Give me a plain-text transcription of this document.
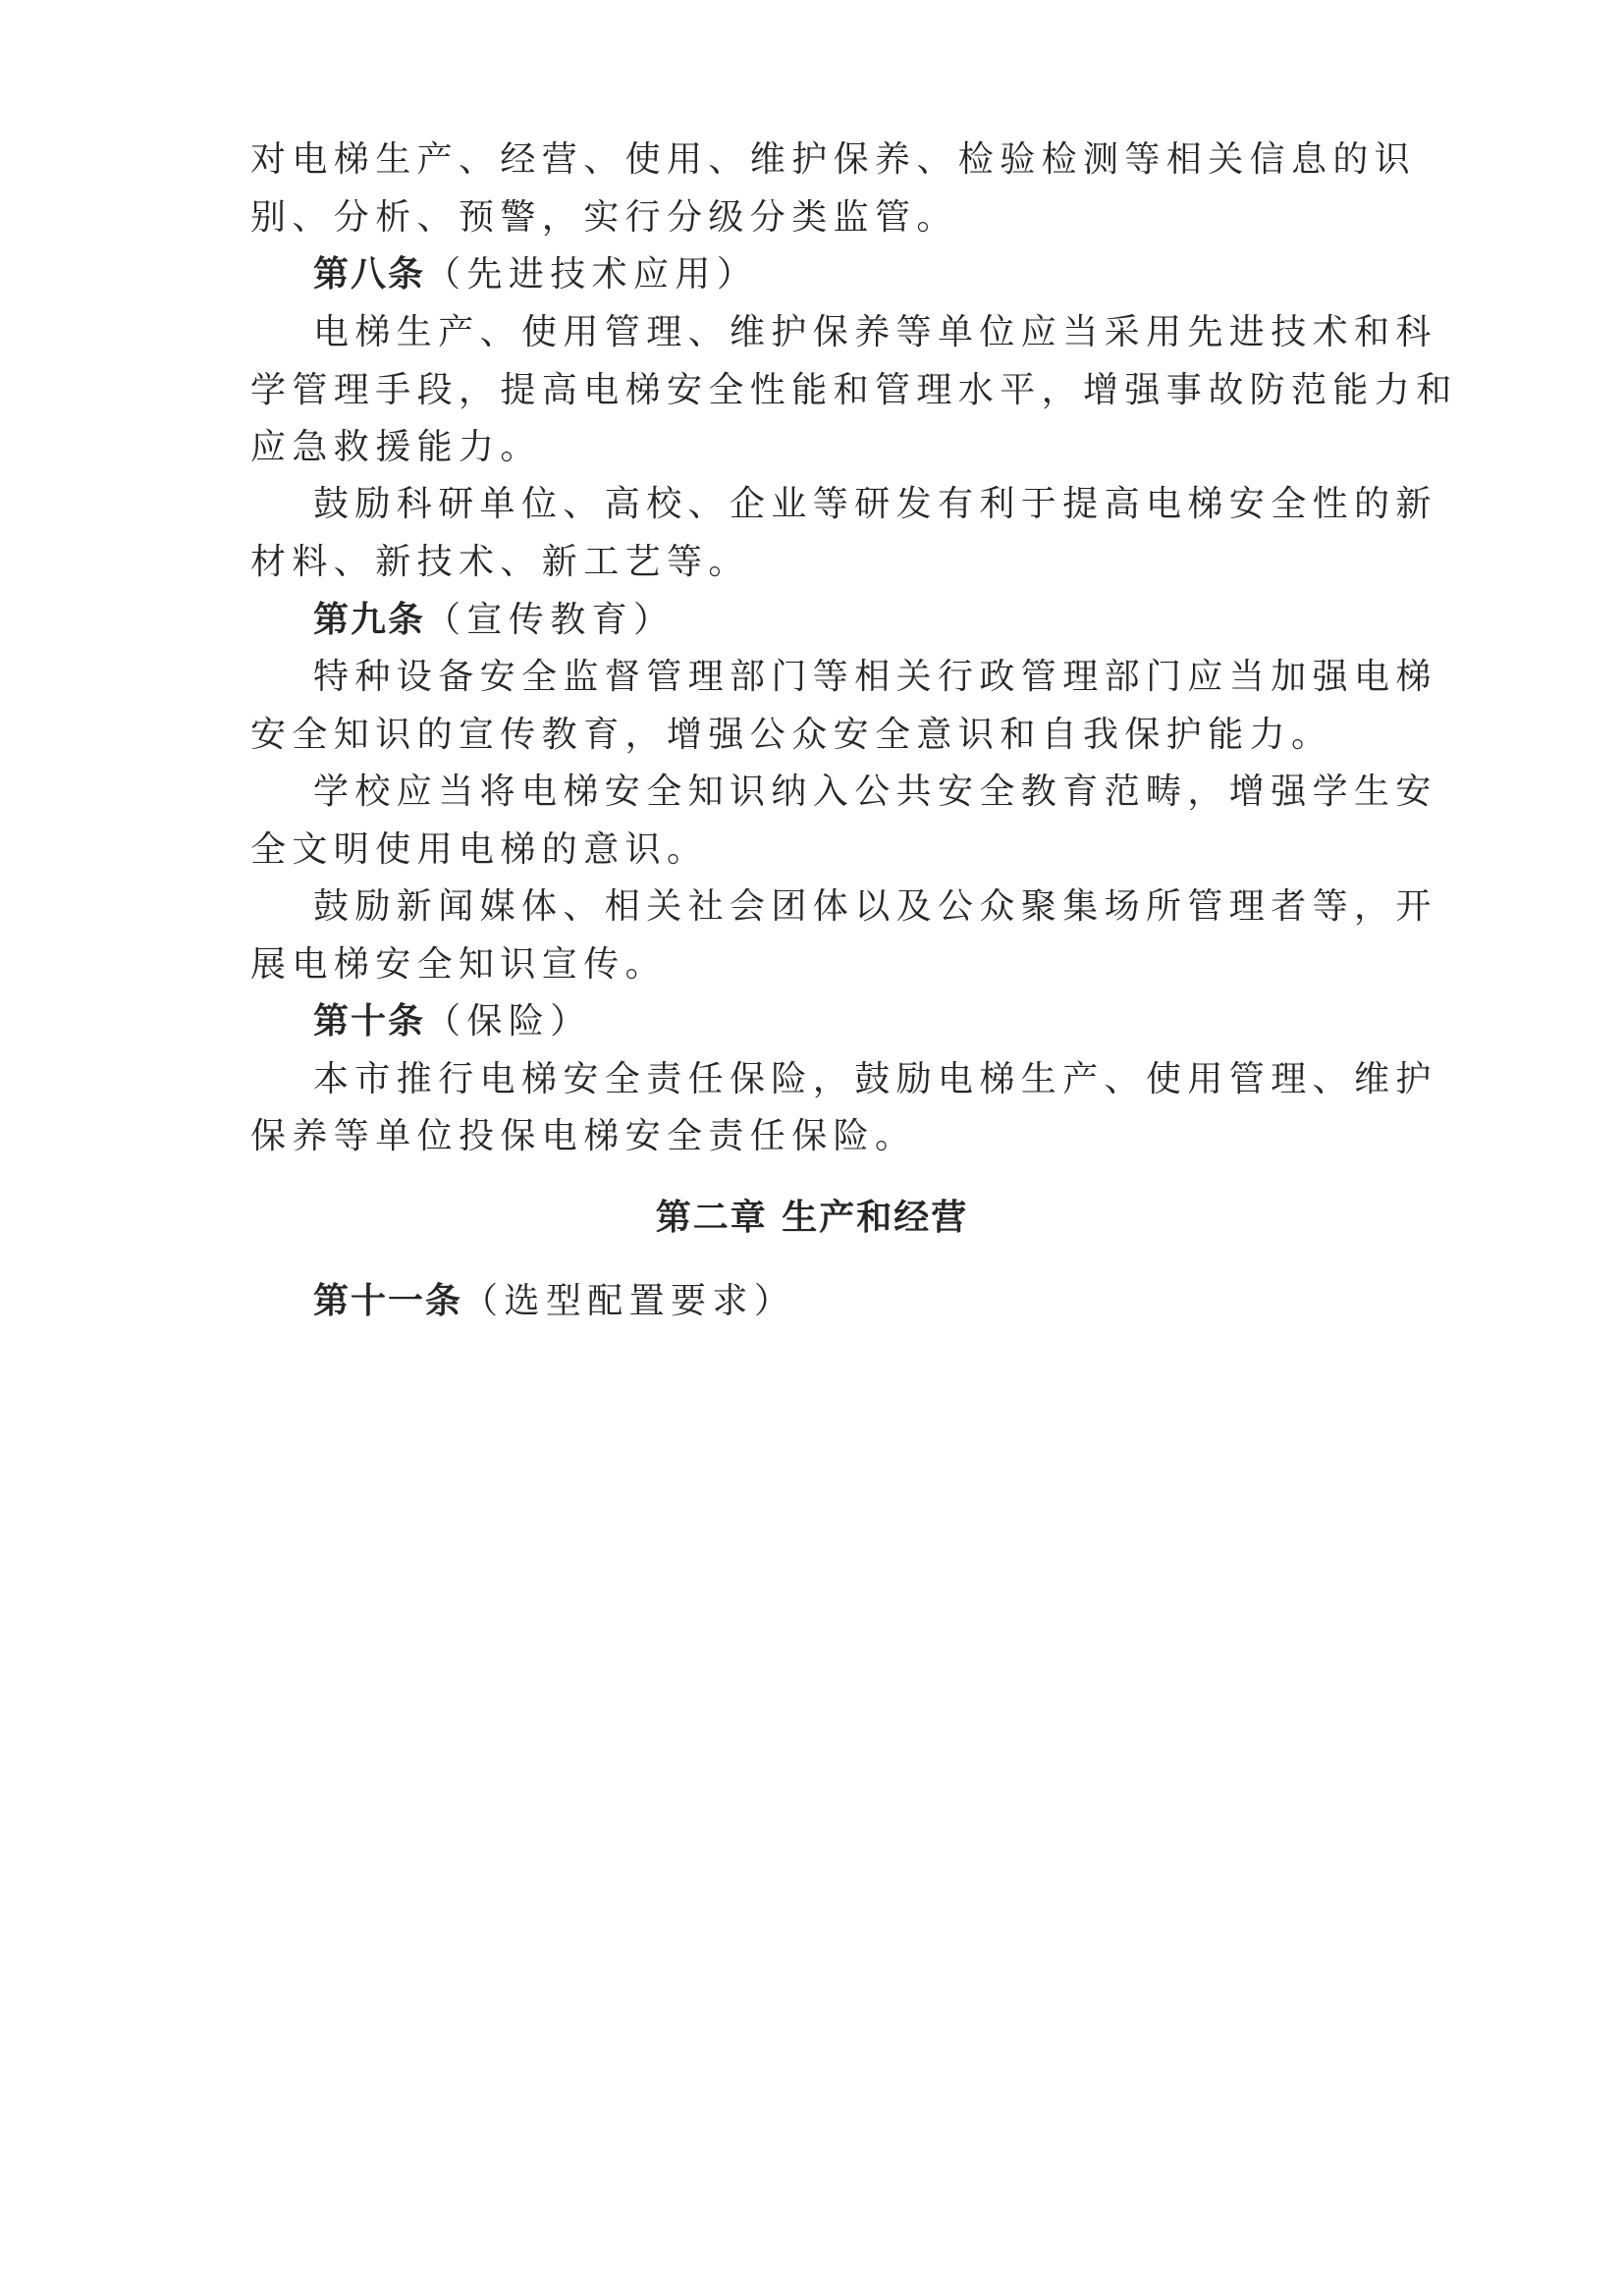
对电梯生产、经营、使用、维护保养、检验检测等相关信息的识
别、分析、预警，实行分级分类监管。
第八条（先进技术应用）
电梯生产、使用管理、维护保养等单位应当采用先进技术和科
学管理手段，提高电梯安全性能和管理水平，增强事故防范能力和
应急救援能力。
鼓励科研单位、高校、企业等研发有利于提高电梯安全性的新
材料、新技术、新工艺等。
第九条（宣传教育）
特种设备安全监督管理部门等相关行政管理部门应当加强电梯
安全知识的宣传教育，增强公众安全意识和自我保护能力。
学校应当将电梯安全知识纳入公共安全教育范畴，增强学生安
全文明使用电梯的意识。
鼓励新闻媒体、相关社会团体以及公众聚集场所管理者等，开
展电梯安全知识宣传。
第十条（保险）
本市推行电梯安全责任保险，鼓励电梯生产、使用管理、维护
保养等单位投保电梯安全责任保险。
第二章 生产和经营
第十一条（选型配置要求）
